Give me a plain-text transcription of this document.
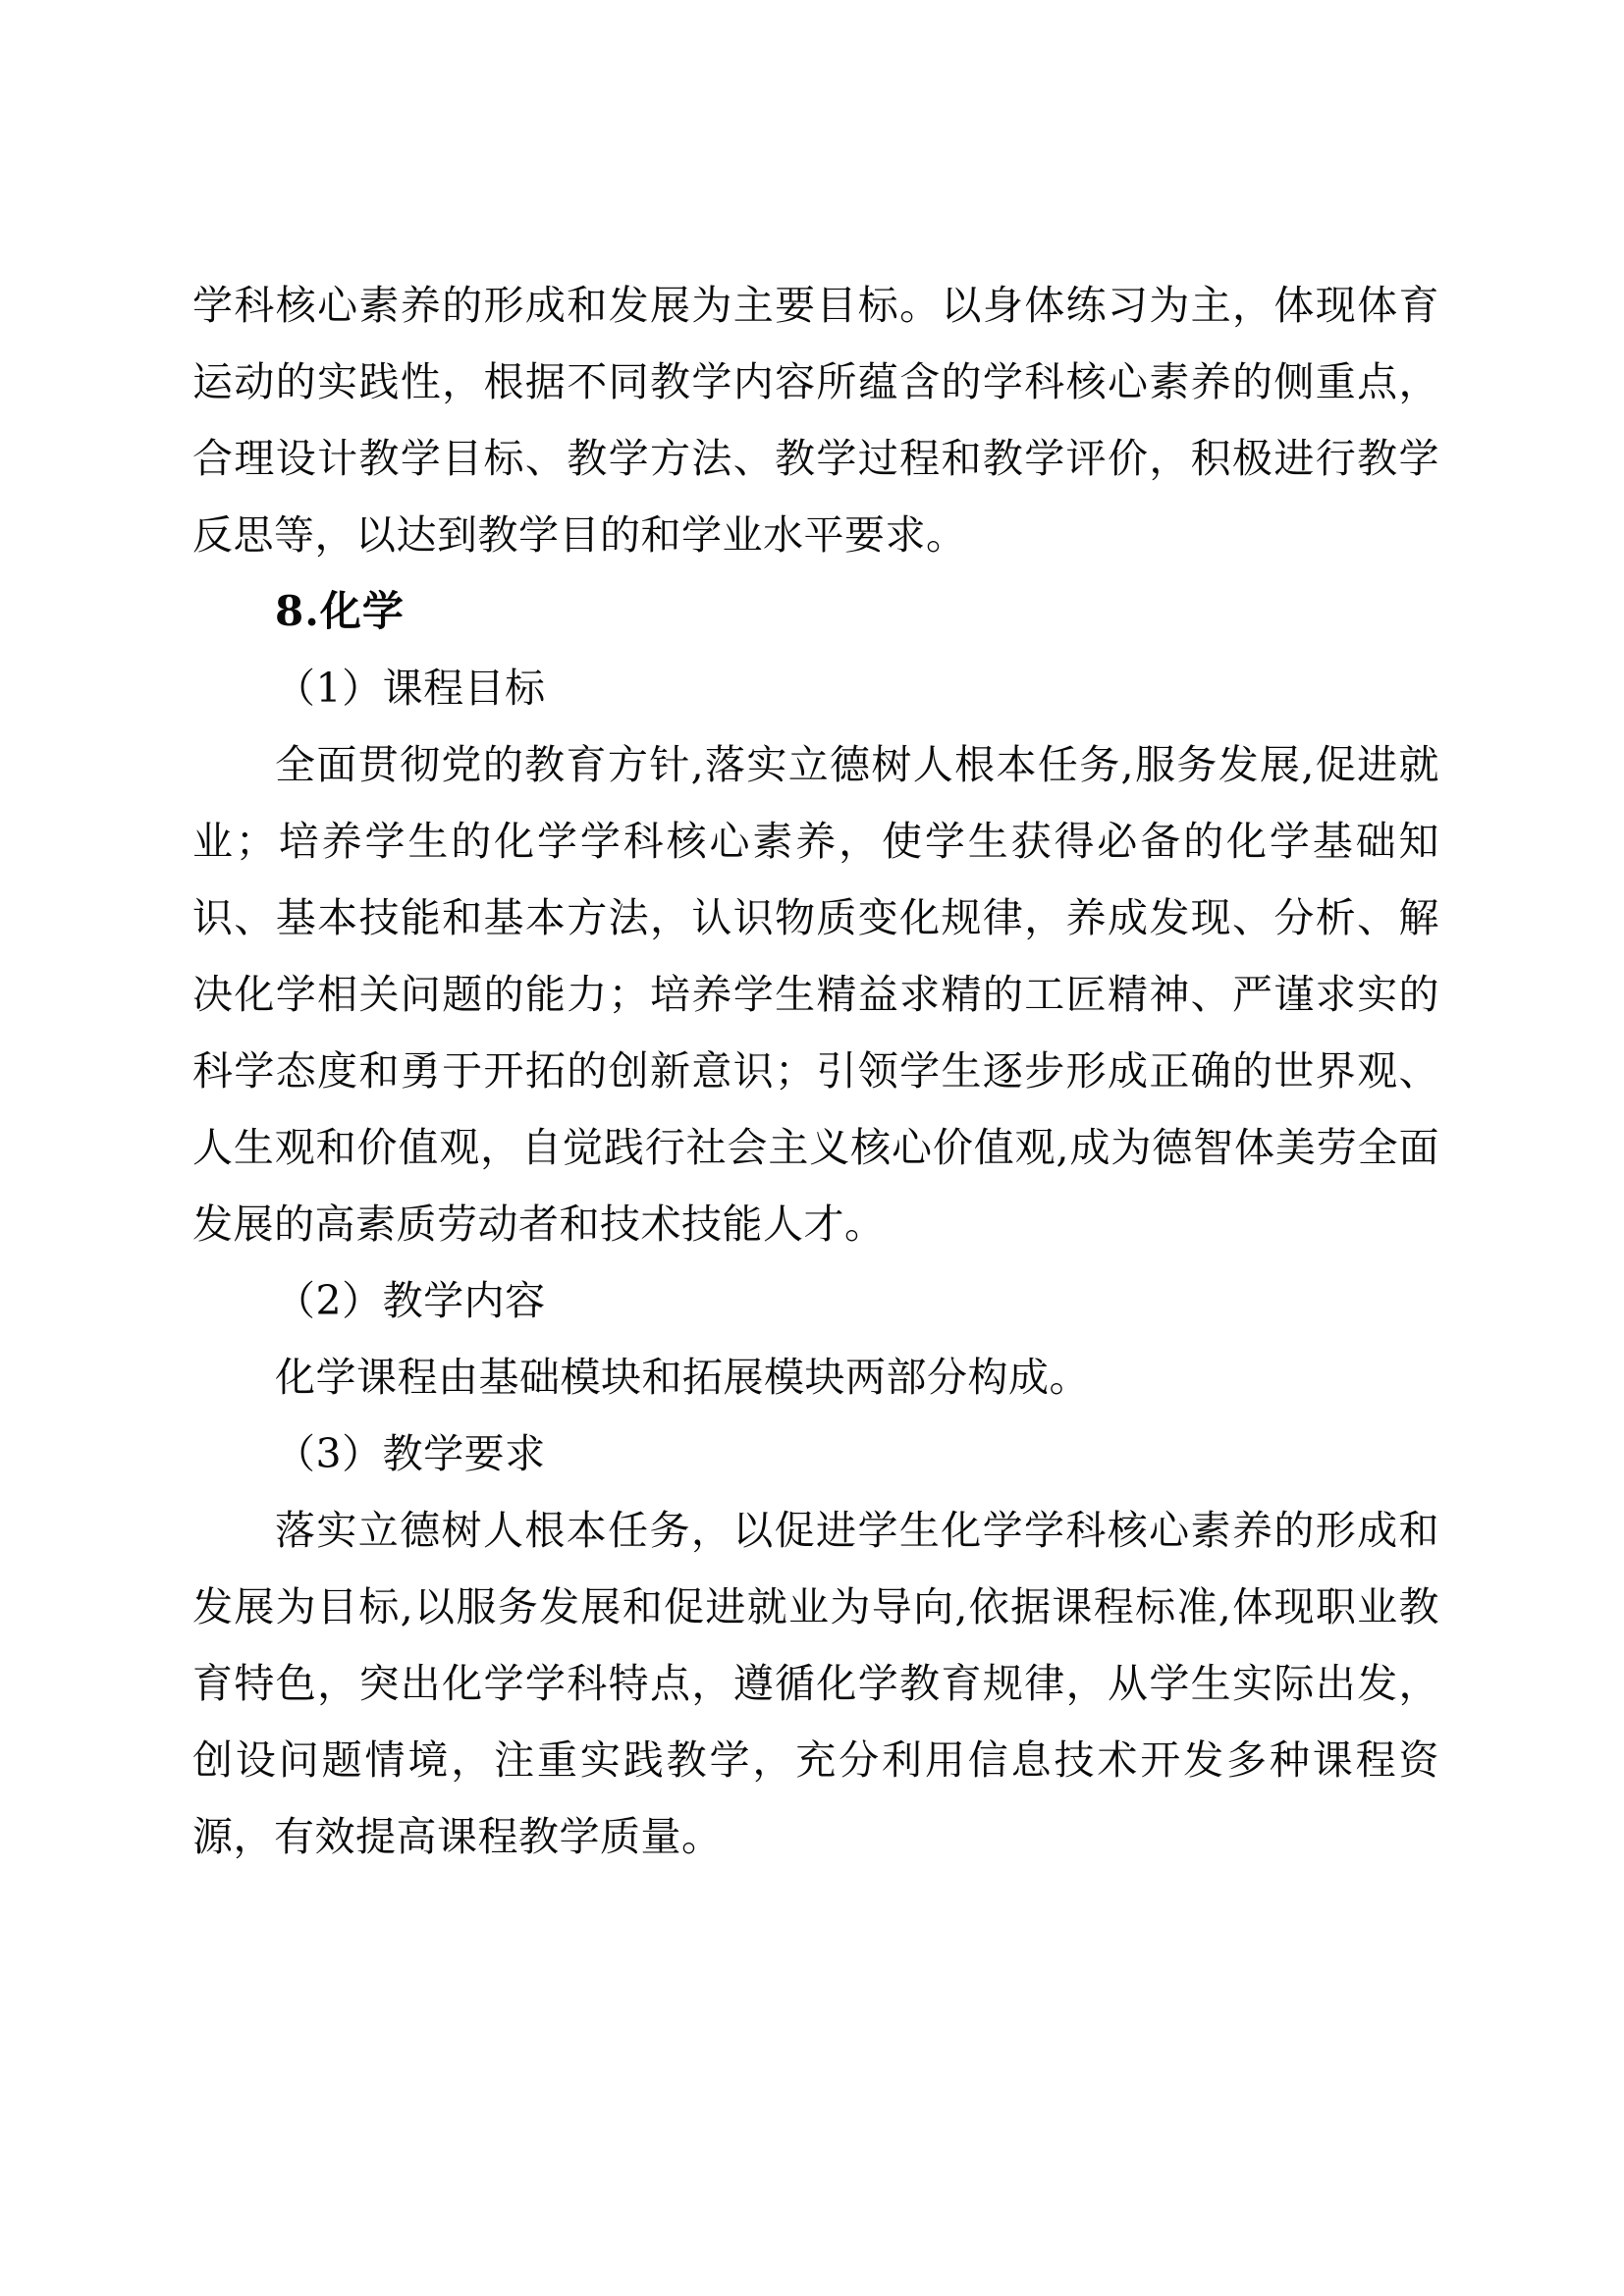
学科核心素养的形成和发展为主要目标。以身体练习为主，体现体育运动的实践性，根据不同教学内容所蕴含的学科核心素养的侧重点，合理设计教学目标、教学方法、教学过程和教学评价，积极进行教学反思等，以达到教学目的和学业水平要求。

8.化学

（1）课程目标

全面贯彻党的教育方针,落实立德树人根本任务,服务发展,促进就业；培养学生的化学学科核心素养，使学生获得必备的化学基础知识、基本技能和基本方法，认识物质变化规律，养成发现、分析、解决化学相关问题的能力；培养学生精益求精的工匠精神、严谨求实的科学态度和勇于开拓的创新意识；引领学生逐步形成正确的世界观、人生观和价值观，自觉践行社会主义核心价值观,成为德智体美劳全面发展的高素质劳动者和技术技能人才。

（2）教学内容

化学课程由基础模块和拓展模块两部分构成。

（3）教学要求

落实立德树人根本任务，以促进学生化学学科核心素养的形成和发展为目标,以服务发展和促进就业为导向,依据课程标准,体现职业教育特色，突出化学学科特点，遵循化学教育规律，从学生实际出发，创设问题情境，注重实践教学，充分利用信息技术开发多种课程资源，有效提高课程教学质量。
